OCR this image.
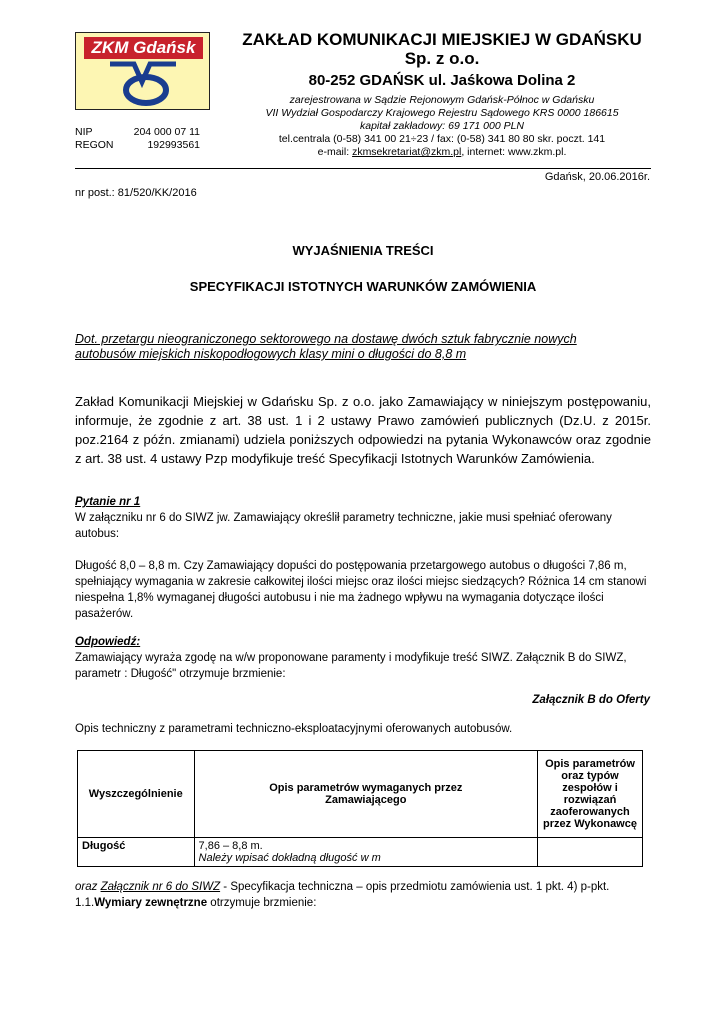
ZKM Gdańsk	ZAKŁAD KOMUNIKACJI MIEJSKIEJ W GDAŃSKU
Sp. z o.o.
80-252 GDAŃSK ul. Jaśkowa Dolina 2
zarejestrowana w Sądzie Rejonowym Gdańsk-Północ w Gdańsku
VII Wydział Gospodarczy Krajowego Rejestru Sądowego KRS 0000 186615
kapitał zakładowy: 69 171 000 PLN
tel.centrala (0-58) 341 00 21÷23 / fax: (0-58) 341 80 80 skr. poczt. 141
e-mail: zkmsekretariat@zkm.pl, internet: www.zkm.pl.
NIP	204 000 07 11
REGON	192993561
Gdańsk, 20.06.2016r.
nr post.: 81/520/KK/2016
WYJAŚNIENIA TREŚCI
SPECYFIKACJI ISTOTNYCH WARUNKÓW ZAMÓWIENIA
Dot. przetargu nieograniczonego sektorowego na dostawę dwóch sztuk fabrycznie nowych autobusów miejskich niskopodłogowych klasy mini o długości do 8,8 m
Zakład Komunikacji Miejskiej w Gdańsku Sp. z o.o. jako Zamawiający w niniejszym postępowaniu, informuje, że zgodnie z art. 38 ust. 1 i 2 ustawy Prawo zamówień publicznych (Dz.U. z 2015r. poz.2164 z późn. zmianami) udziela poniższych odpowiedzi na pytania Wykonawców oraz zgodnie z art. 38 ust. 4 ustawy Pzp modyfikuje treść Specyfikacji Istotnych Warunków Zamówienia.
Pytanie nr 1
W załączniku nr 6 do SIWZ jw. Zamawiający określił parametry techniczne, jakie musi spełniać oferowany autobus:
Długość 8,0 – 8,8 m. Czy Zamawiający dopuści do postępowania przetargowego autobus o długości 7,86 m, spełniający wymagania w zakresie całkowitej ilości miejsc oraz ilości miejsc siedzących? Różnica 14 cm stanowi niespełna 1,8% wymaganej długości autobusu i nie ma żadnego wpływu na wymagania dotyczące ilości pasażerów.
Odpowiedź:
Zamawiający wyraża zgodę na w/w proponowane paramenty i modyfikuje treść SIWZ. Załącznik B do SIWZ, parametr : Długość" otrzymuje brzmienie:
Załącznik B do Oferty
Opis techniczny z parametrami techniczno-eksploatacyjnymi oferowanych autobusów.
Wyszczególnienie	Opis parametrów wymaganych przez Zamawiającego	Opis parametrów oraz typów zespołów i rozwiązań zaoferowanych przez Wykonawcę
Długość	7,86 – 8,8 m.
Należy wpisać dokładną długość w m	

oraz Załącznik nr 6 do SIWZ - Specyfikacja techniczna – opis przedmiotu zamówienia ust. 1 pkt. 4) p-pkt. 1.1.Wymiary zewnętrzne otrzymuje brzmienie:
